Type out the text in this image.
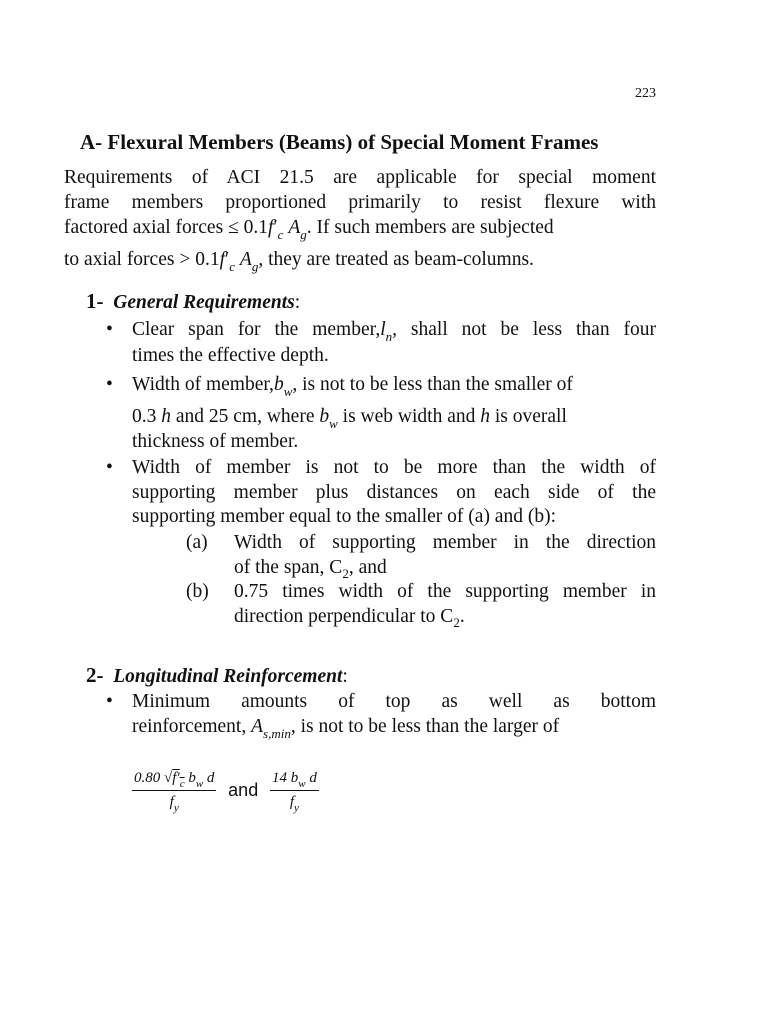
223
A- Flexural Members (Beams) of Special Moment Frames
Requirements of ACI 21.5 are applicable for special moment
frame members proportioned primarily to resist flexure with
factored axial forces ≤ $0.1f'_c$ $A_g$. If such members are subjected
to axial forces > $0.1f'_c$ $A_g$, they are treated as beam-columns.
1- General Requirements:
• Clear span for the $member,l_n$, shall not be less than four
times the effective depth.
• Width of $member,b_w$, is not to be less than the smaller of
0.3 h and 25 cm, where $b_w$ is web width and h is overall
thickness of member.
• Width of member is not to be more than the width of
supporting member plus distances on each side of the
supporting member equal to the smaller of (a) and (b):
(a) Width of supporting member in the direction
of the span, $C_2$, and
(b) 0.75 times width of the supporting member in
direction perpendicular to $C_2$.
2- Longitudinal Reinforcement:
• Minimum amounts of top as well as bottom
reinforcement, $A_{s,min}$, is not to be less than the larger of
$\frac{0.80 √f'_c b_w d}{f_y}$ and $\frac{14 b_w d}{f_y}$
